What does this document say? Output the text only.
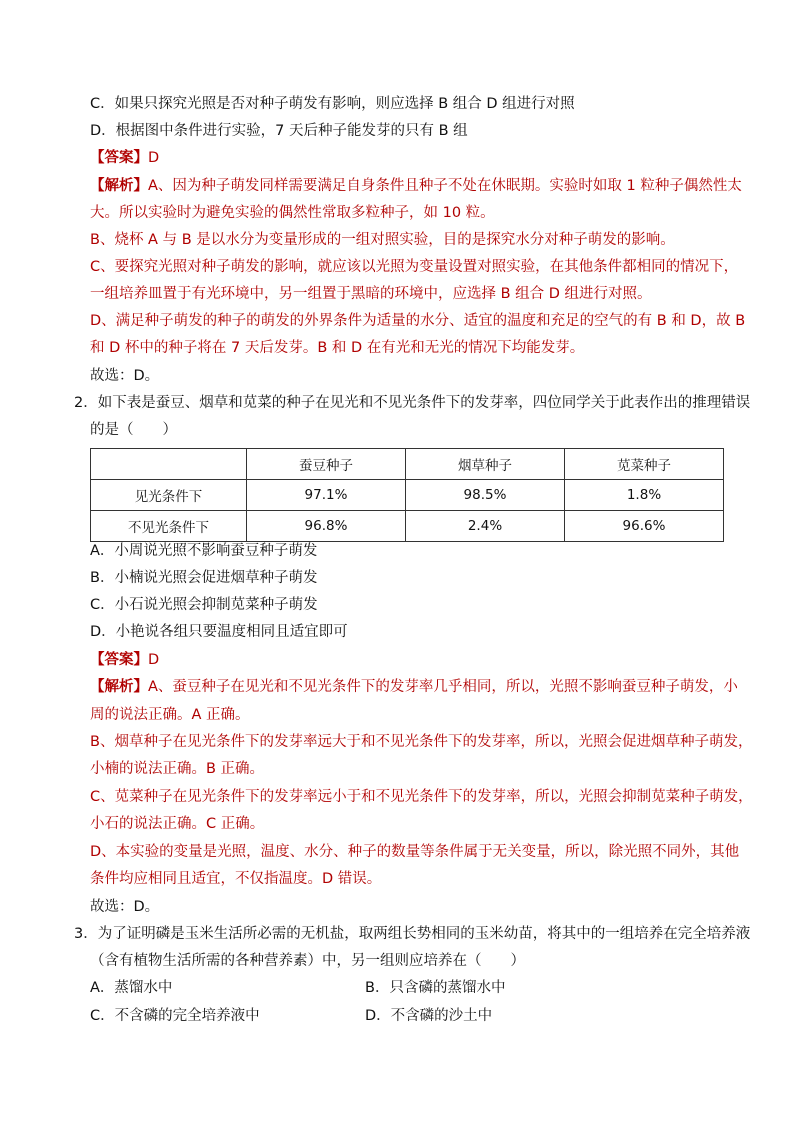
C．如果只探究光照是否对种子萌发有影响，则应选择 B 组合 D 组进行对照
D．根据图中条件进行实验，7 天后种子能发芽的只有 B 组
【答案】D
【解析】A、因为种子萌发同样需要满足自身条件且种子不处在休眠期。实验时如取 1 粒种子偶然性太
大。所以实验时为避免实验的偶然性常取多粒种子，如 10 粒。
B、烧杯 A 与 B 是以水分为变量形成的一组对照实验，目的是探究水分对种子萌发的影响。
C、要探究光照对种子萌发的影响，就应该以光照为变量设置对照实验，在其他条件都相同的情况下，
一组培养皿置于有光环境中，另一组置于黑暗的环境中，应选择 B 组合 D 组进行对照。
D、满足种子萌发的种子的萌发的外界条件为适量的水分、适宜的温度和充足的空气的有 B 和 D，故 B
和 D 杯中的种子将在 7 天后发芽。B 和 D 在有光和无光的情况下均能发芽。
故选：D。
2．如下表是蚕豆、烟草和苋菜的种子在见光和不见光条件下的发芽率，四位同学关于此表作出的推理错误
的是（　　）
	蚕豆种子	烟草种子	苋菜种子
见光条件下	97.1%	98.5%	1.8%
不见光条件下	96.8%	2.4%	96.6%
A．小周说光照不影响蚕豆种子萌发
B．小楠说光照会促进烟草种子萌发
C．小石说光照会抑制苋菜种子萌发
D．小艳说各组只要温度相同且适宜即可
【答案】D
【解析】A、蚕豆种子在见光和不见光条件下的发芽率几乎相同，所以，光照不影响蚕豆种子萌发，小
周的说法正确。A 正确。
B、烟草种子在见光条件下的发芽率远大于和不见光条件下的发芽率，所以，光照会促进烟草种子萌发，
小楠的说法正确。B 正确。
C、苋菜种子在见光条件下的发芽率远小于和不见光条件下的发芽率，所以，光照会抑制苋菜种子萌发，
小石的说法正确。C 正确。
D、本实验的变量是光照，温度、水分、种子的数量等条件属于无关变量，所以，除光照不同外，其他
条件均应相同且适宜，不仅指温度。D 错误。
故选：D。
3．为了证明磷是玉米生活所必需的无机盐，取两组长势相同的玉米幼苗，将其中的一组培养在完全培养液
（含有植物生活所需的各种营养素）中，另一组则应培养在（　　）
A．蒸馏水中	B．只含磷的蒸馏水中
C．不含磷的完全培养液中	D．不含磷的沙土中
